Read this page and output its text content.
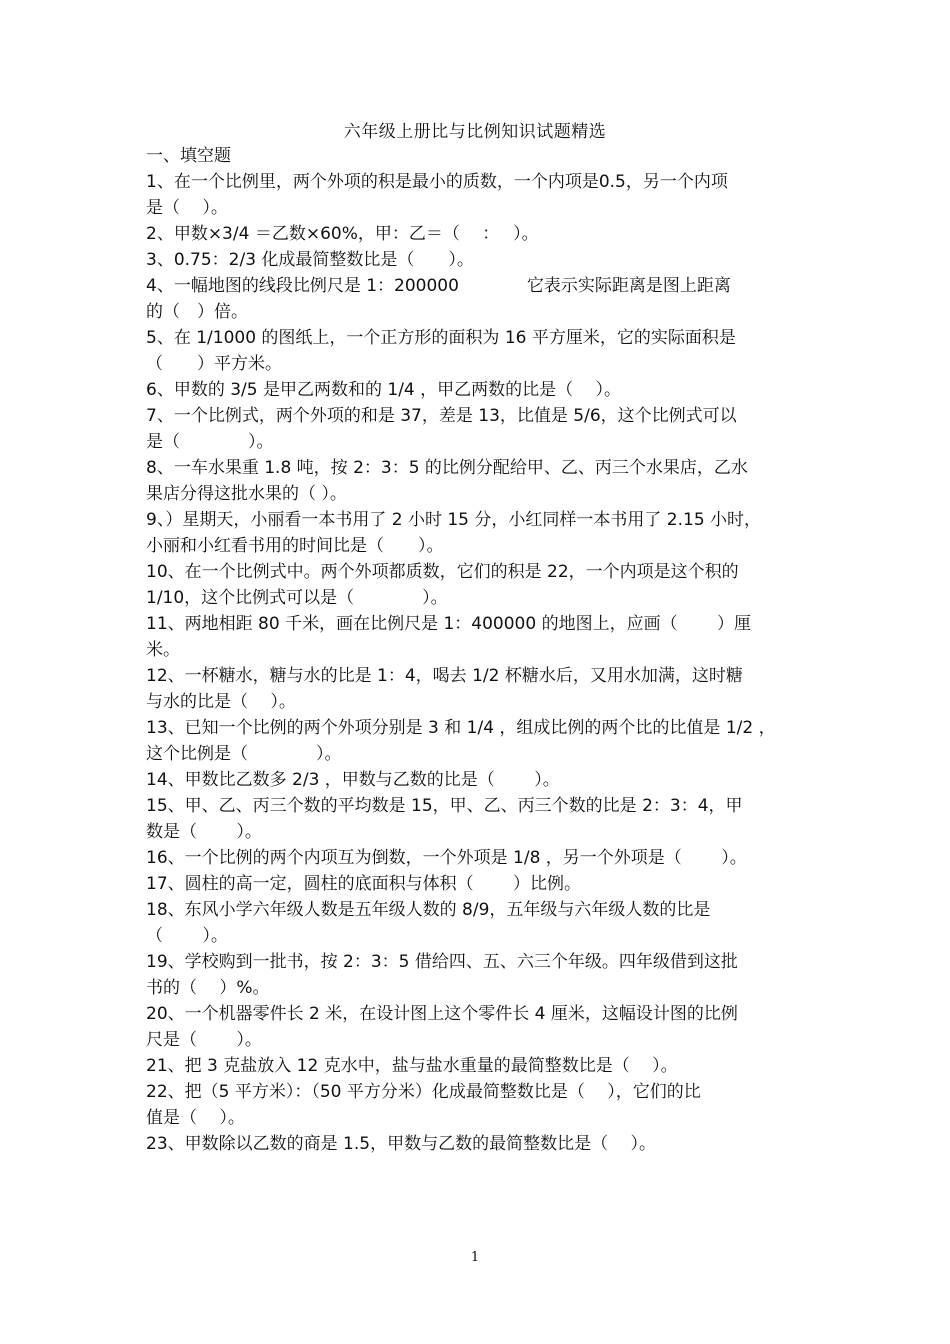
六年级上册比与比例知识试题精选
一、填空题
1、在一个比例里，两个外项的积是最小的质数，一个内项是0.5，另一个内项
是（　 ）。
2、甲数×3/4 ＝乙数×60%，甲：乙＝（　 ：　 ）。
3、0.75：2/3 化成最简整数比是（　　）。
4、一幅地图的线段比例尺是 1：200000　　　　它表示实际距离是图上距离
的（　）倍。
5、在 1/1000 的图纸上，一个正方形的面积为 16 平方厘米，它的实际面积是
（　　）平方米。
6、甲数的 3/5 是甲乙两数和的 1/4 ，甲乙两数的比是（　 ）。
7、一个比例式，两个外项的和是 37，差是 13，比值是 5/6，这个比例式可以
是（　　　　）。
8、一车水果重 1.8 吨，按 2：3：5 的比例分配给甲、乙、丙三个水果店，乙水
果店分得这批水果的（ ）。
9、）星期天，小丽看一本书用了 2 小时 15 分，小红同样一本书用了 2.15 小时，
小丽和小红看书用的时间比是（　　）。
10、在一个比例式中。两个外项都质数，它们的积是 22，一个内项是这个积的
1/10，这个比例式可以是（　　　　）。
11、两地相距 80 千米，画在比例尺是 1：400000 的地图上，应画（　　 ）厘
米。
12、一杯糖水，糖与水的比是 1：4，喝去 1/2 杯糖水后，又用水加满，这时糖
与水的比是（　 ）。
13、已知一个比例的两个外项分别是 3 和 1/4 ，组成比例的两个比的比值是 1/2 ，
这个比例是（　　　　）。
14、甲数比乙数多 2/3 ，甲数与乙数的比是（　　 ）。
15、甲、乙、丙三个数的平均数是 15，甲、乙、丙三个数的比是 2：3：4，甲
数是（　　 ）。
16、一个比例的两个内项互为倒数，一个外项是 1/8 ，另一个外项是（　　 ）。
17、圆柱的高一定，圆柱的底面积与体积（　　 ）比例。
18、东风小学六年级人数是五年级人数的 8/9，五年级与六年级人数的比是
（　　 ）。
19、学校购到一批书，按 2：3：5 借给四、五、六三个年级。四年级借到这批
书的（　 ）%。
20、一个机器零件长 2 米，在设计图上这个零件长 4 厘米，这幅设计图的比例
尺是（　　 ）。
21、把 3 克盐放入 12 克水中，盐与盐水重量的最简整数比是（　 ）。
22、把（5 平方米）：（50 平方分米）化成最简整数比是（　 ），它们的比
值是（　 ）。
23、甲数除以乙数的商是 1.5，甲数与乙数的最简整数比是（　 ）。
1
